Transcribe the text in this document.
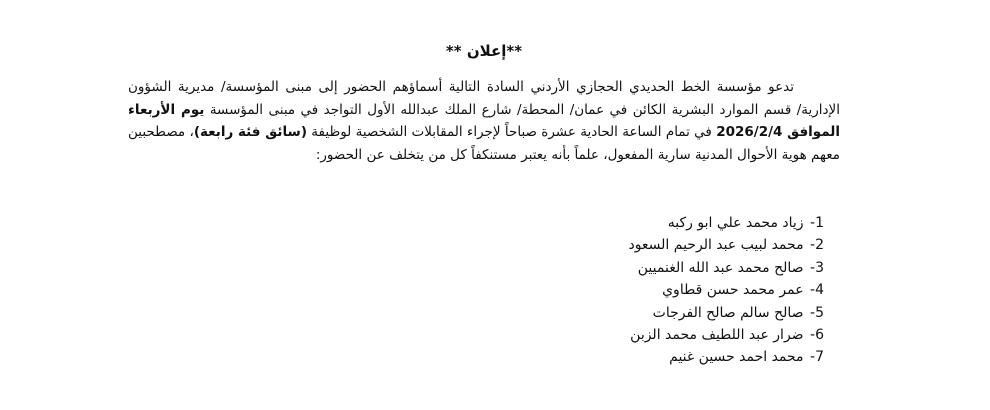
**إعلان **

تدعو مؤسسة الخط الحديدي الحجازي الأردني السادة التالية أسماؤهم الحضور إلى مبنى المؤسسة/ مديرية الشؤون الإدارية/ قسم الموارد البشرية الكائن في عمان/ المحطة/ شارع الملك عبدالله الأول التواجد في مبنى المؤسسة يوم الأربعاء الموافق 2026/2/4 في تمام الساعة الحادية عشرة صباحاً لإجراء المقابلات الشخصية لوظيفة (سائق فئة رابعة)، مصطحبين معهم هوية الأحوال المدنية سارية المفعول، علماً بأنه يعتبر مستنكفاً كل من يتخلف عن الحضور:

1- زياد محمد علي ابو ركبه
2- محمد لبيب عبد الرحيم السعود
3- صالح محمد عبد الله الغنميين
4- عمر محمد حسن قطاوي
5- صالح سالم صالح الفرجات
6- ضرار عبد اللطيف محمد الزبن
7- محمد احمد حسين غنيم
